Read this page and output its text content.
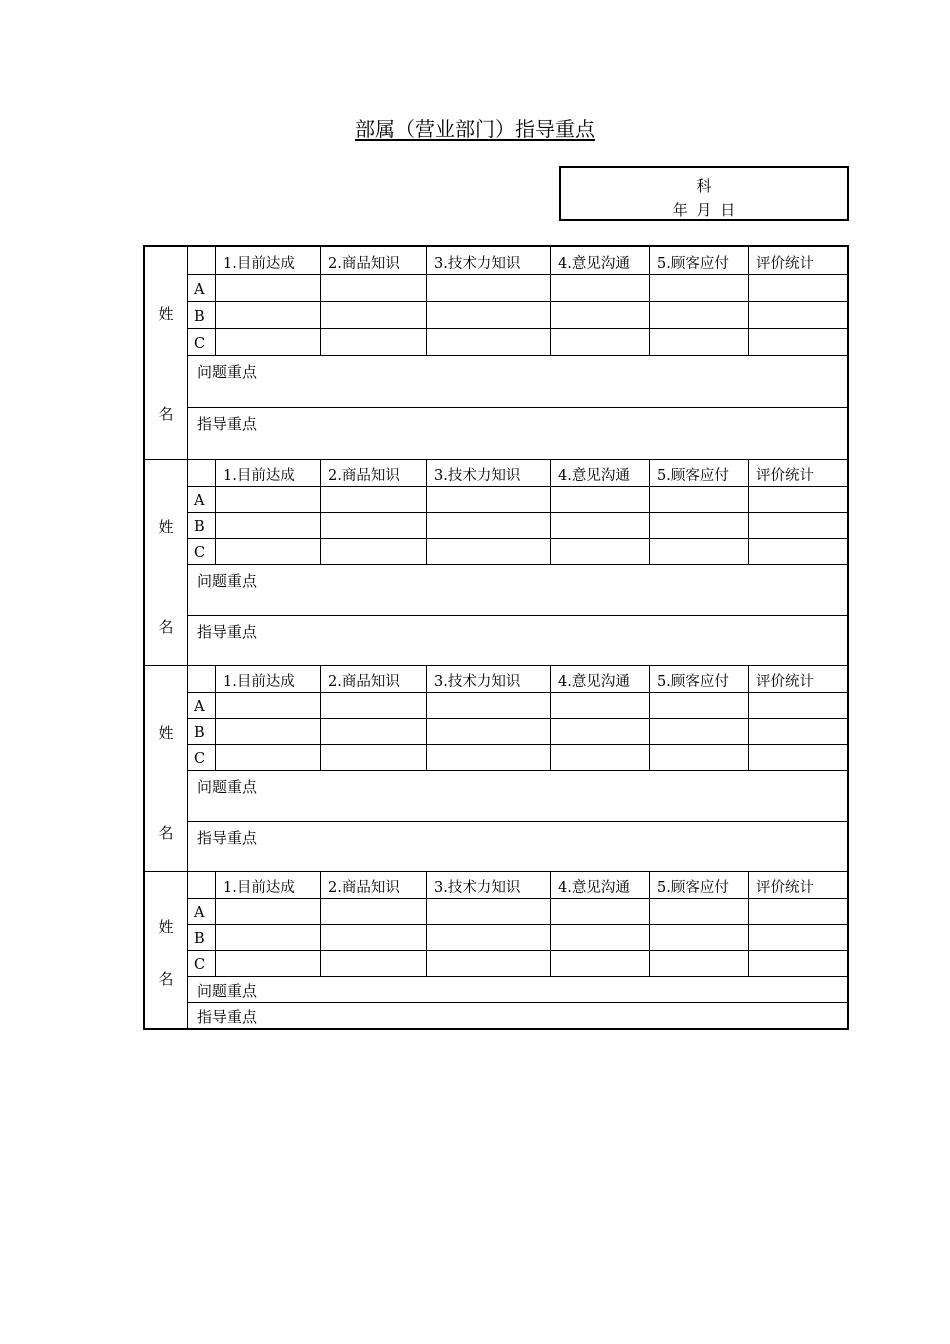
部属（营业部门）指导重点
科
年 月 日
姓
名
1.目前达成 2.商品知识 3.技术力知识	4.意见沟通 5.顾客应付 评价统计
A
B
C
问题重点
指导重点
姓
名
1.目前达成 2.商品知识 3.技术力知识	4.意见沟通 5.顾客应付 评价统计
A
B
C
问题重点
指导重点
姓
名
1.目前达成 2.商品知识 3.技术力知识	4.意见沟通 5.顾客应付 评价统计
A
B
C
问题重点
指导重点
姓
名
1.目前达成 2.商品知识 3.技术力知识	4.意见沟通 5.顾客应付 评价统计
A
B
C
问题重点
指导重点
